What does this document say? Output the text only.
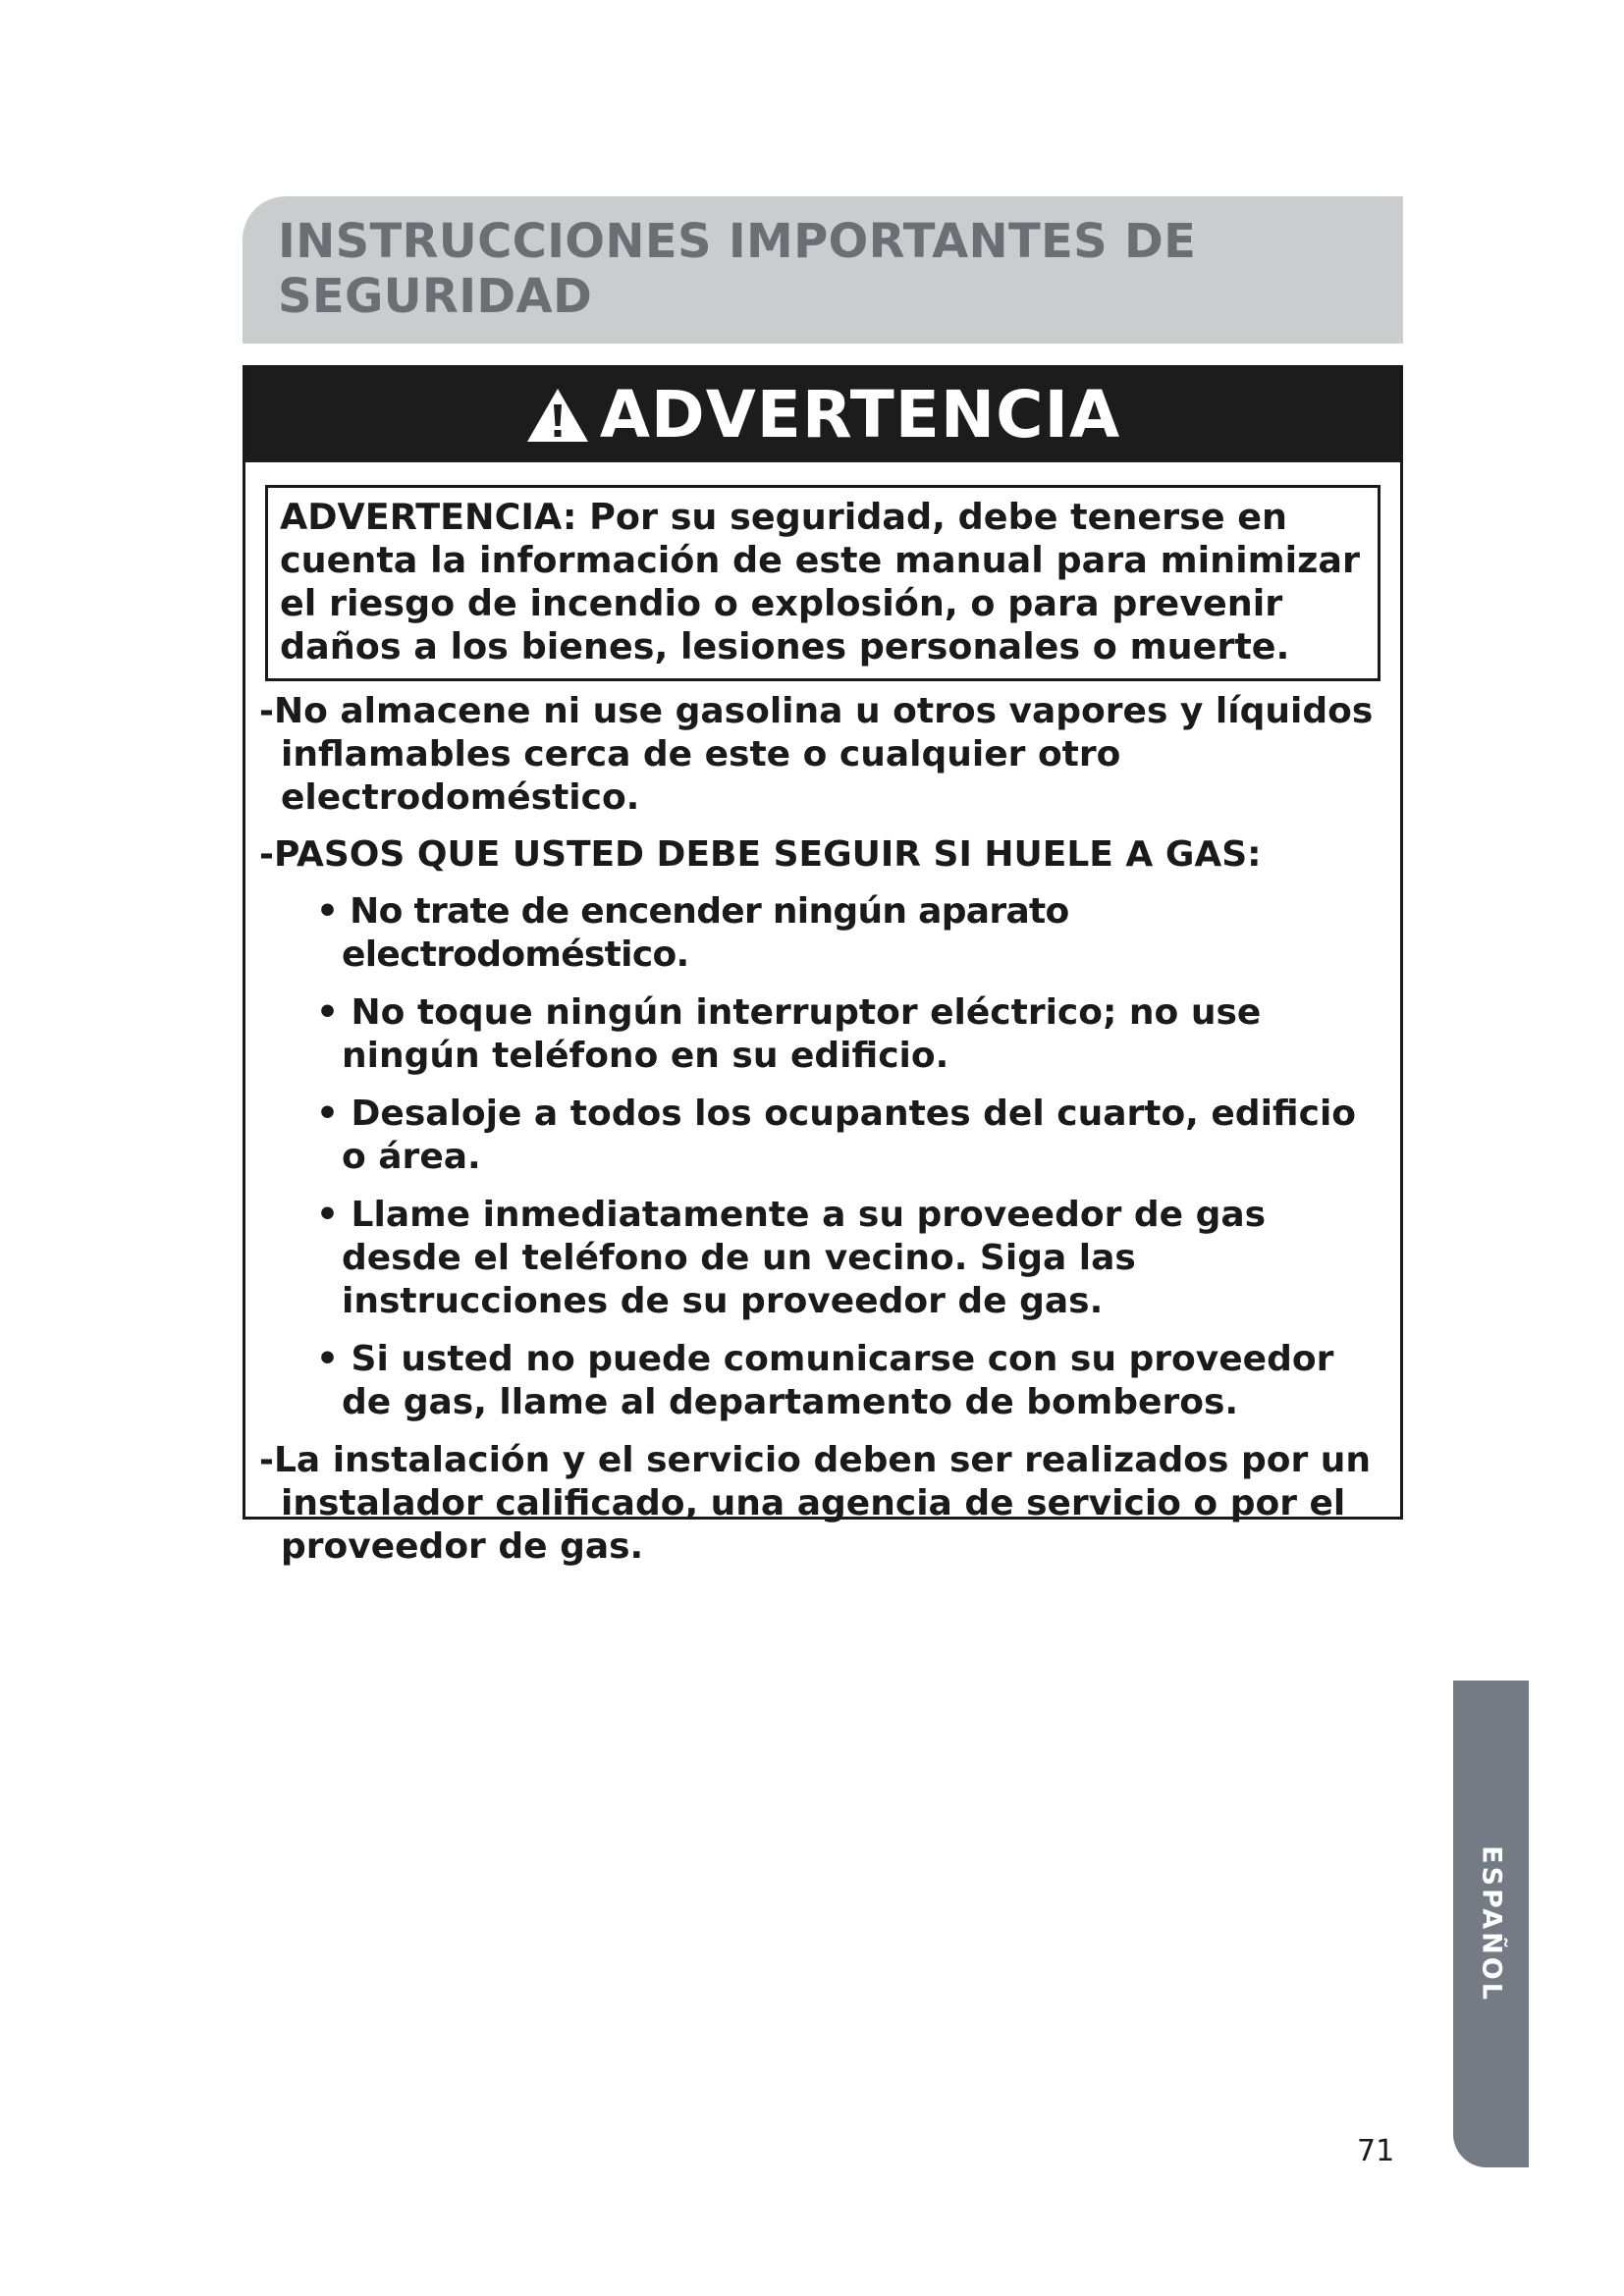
INSTRUCCIONES IMPORTANTES DE
SEGURIDAD
ADVERTENCIA
ADVERTENCIA: Por su seguridad, debe tenerse en cuenta la información de este manual para minimizar el riesgo de incendio o explosión, o para prevenir daños a los bienes, lesiones personales o muerte.
-No almacene ni use gasolina u otros vapores y líquidos inflamables cerca de este o cualquier otro electrodoméstico.
-PASOS QUE USTED DEBE SEGUIR SI HUELE A GAS:
• No trate de encender ningún aparato electrodoméstico.
• No toque ningún interruptor eléctrico; no use ningún teléfono en su edificio.
• Desaloje a todos los ocupantes del cuarto, edificio o área.
• Llame inmediatamente a su proveedor de gas desde el teléfono de un vecino. Siga las instrucciones de su proveedor de gas.
• Si usted no puede comunicarse con su proveedor de gas, llame al departamento de bomberos.
-La instalación y el servicio deben ser realizados por un instalador calificado, una agencia de servicio o por el proveedor de gas.
ESPAÑOL
71
